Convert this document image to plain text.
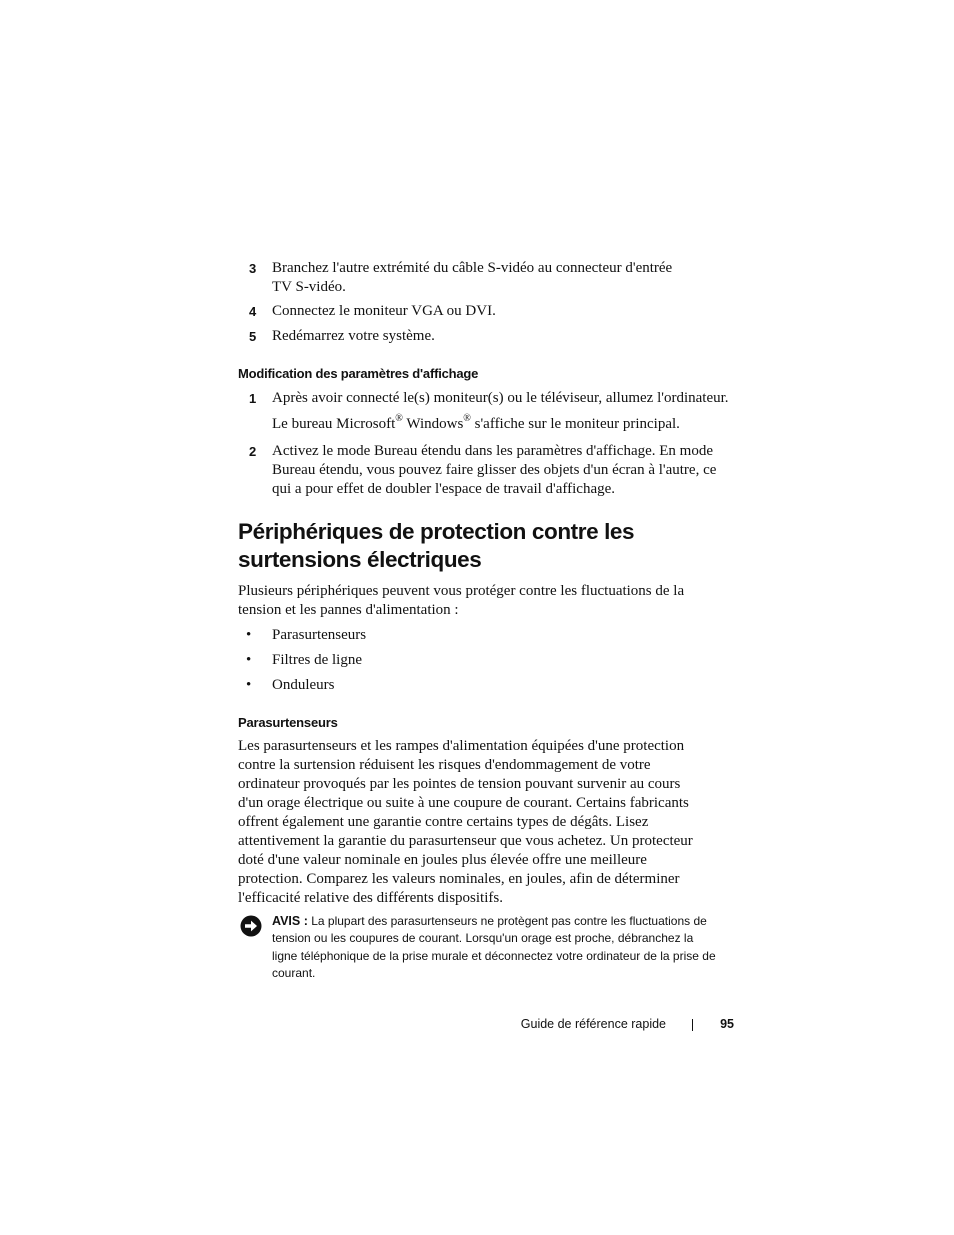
3 Branchez l'autre extrémité du câble S-vidéo au connecteur d'entrée
TV S-vidéo.
4 Connectez le moniteur VGA ou DVI.
5 Redémarrez votre système.
Modification des paramètres d'affichage
1 Après avoir connecté le(s) moniteur(s) ou le téléviseur, allumez l'ordinateur.
Le bureau Microsoft® Windows® s'affiche sur le moniteur principal.
2 Activez le mode Bureau étendu dans les paramètres d'affichage. En mode
Bureau étendu, vous pouvez faire glisser des objets d'un écran à l'autre, ce
qui a pour effet de doubler l'espace de travail d'affichage.
Périphériques de protection contre les
surtensions électriques
Plusieurs périphériques peuvent vous protéger contre les fluctuations de la
tension et les pannes d'alimentation :
• Parasurtenseurs
• Filtres de ligne
• Onduleurs
Parasurtenseurs
Les parasurtenseurs et les rampes d'alimentation équipées d'une protection
contre la surtension réduisent les risques d'endommagement de votre
ordinateur provoqués par les pointes de tension pouvant survenir au cours
d'un orage électrique ou suite à une coupure de courant. Certains fabricants
offrent également une garantie contre certains types de dégâts. Lisez
attentivement la garantie du parasurtenseur que vous achetez. Un protecteur
doté d'une valeur nominale en joules plus élevée offre une meilleure
protection. Comparez les valeurs nominales, en joules, afin de déterminer
l'efficacité relative des différents dispositifs.
AVIS : La plupart des parasurtenseurs ne protègent pas contre les fluctuations de
tension ou les coupures de courant. Lorsqu'un orage est proche, débranchez la
ligne téléphonique de la prise murale et déconnectez votre ordinateur de la prise de
courant.
Guide de référence rapide	95
